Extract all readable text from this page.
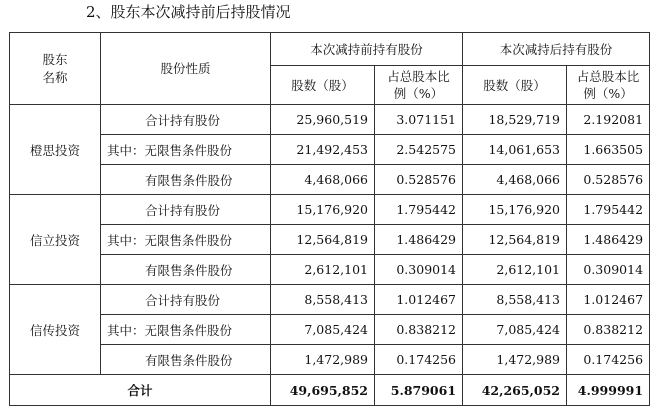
2、股东本次减持前后持股情况
股东名称	股份性质	本次减持前持有股份		本次减持后持有股份	
		股数（股）	占总股本比例（%）	股数（股）	占总股本比例（%）

橙思投资	合计持有股份	25,960,519	3.071151	18,529,719	2.192081
	其中：无限售条件股份	21,492,453	2.542575	14,061,653	1.663505
	有限售条件股份	4,468,066	0.528576	4,468,066	0.528576
信立投资	合计持有股份	15,176,920	1.795442	15,176,920	1.795442
	其中：无限售条件股份	12,564,819	1.486429	12,564,819	1.486429
	有限售条件股份	2,612,101	0.309014	2,612,101	0.309014
信传投资	合计持有股份	8,558,413	1.012467	8,558,413	1.012467
	其中：无限售条件股份	7,085,424	0.838212	7,085,424	0.838212
	有限售条件股份	1,472,989	0.174256	1,472,989	0.174256
合计		49,695,852	5.879061	42,265,052	4.999991
